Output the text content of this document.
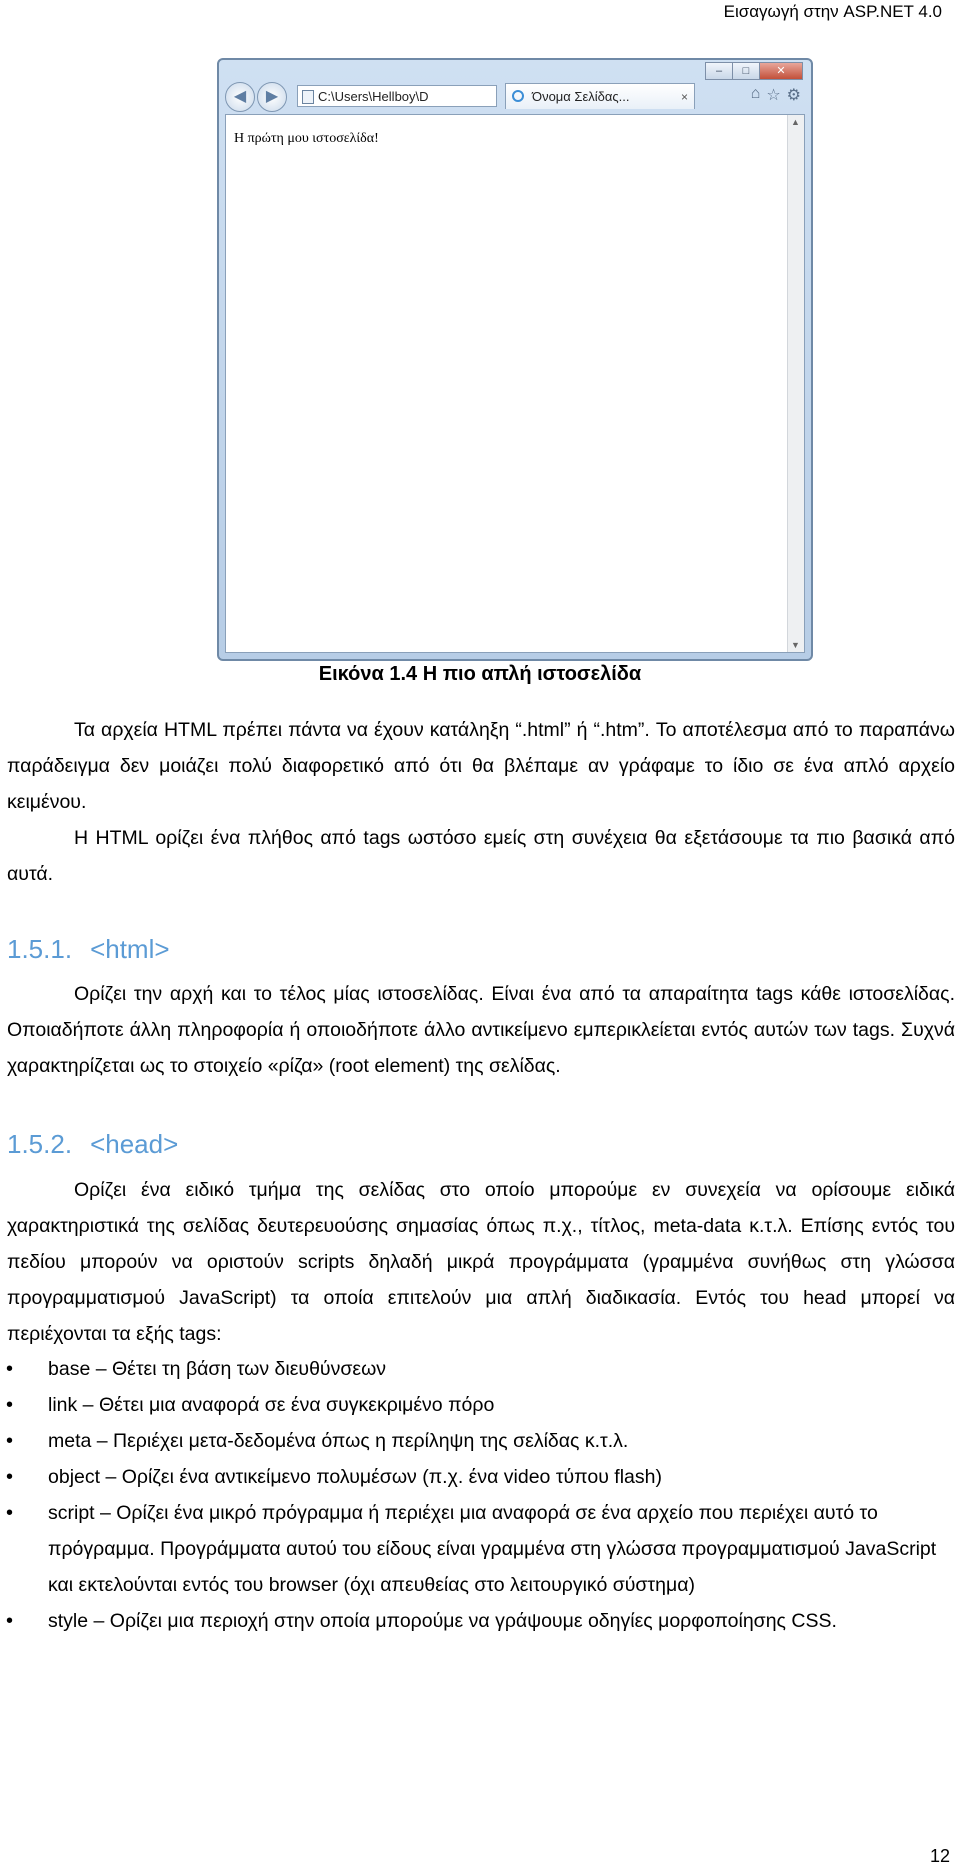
Εισαγωγή στην ASP.NET 4.0
–	□	✕
◀	▶	C:\Users\Hellboy\D	Όνομα Σελίδας...	×	⌂ ☆ ⚙
Η πρώτη μου ιστοσελίδα!
▲
▼
Εικόνα 1.4 Η πιο απλή ιστοσελίδα
Τα αρχεία HTML πρέπει πάντα να έχουν κατάληξη “.html” ή “.htm”. Το αποτέλεσμα από το παραπάνω παράδειγμα δεν μοιάζει πολύ διαφορετικό από ότι θα βλέπαμε αν γράφαμε το ίδιο σε ένα απλό αρχείο κειμένου.
Η HTML ορίζει ένα πλήθος από tags ωστόσο εμείς στη συνέχεια θα εξετάσουμε τα πιο βασικά από αυτά.
1.5.1. <html>
Ορίζει την αρχή και το τέλος μίας ιστοσελίδας. Είναι ένα από τα απαραίτητα tags κάθε ιστοσελίδας. Οποιαδήποτε άλλη πληροφορία ή οποιοδήποτε άλλο αντικείμενο εμπερικλείεται εντός αυτών των tags. Συχνά χαρακτηρίζεται ως το στοιχείο «ρίζα» (root element) της σελίδας.
1.5.2. <head>
Ορίζει ένα ειδικό τμήμα της σελίδας στο οποίο μπορούμε εν συνεχεία να ορίσουμε ειδικά χαρακτηριστικά της σελίδας δευτερευούσης σημασίας όπως π.χ., τίτλος, meta-data κ.τ.λ. Επίσης εντός του πεδίου μπορούν να οριστούν scripts δηλαδή μικρά προγράμματα (γραμμένα συνήθως στη γλώσσα προγραμματισμού JavaScript) τα οποία επιτελούν μια απλή διαδικασία. Εντός του head μπορεί να περιέχονται τα εξής tags:
• base – Θέτει τη βάση των διευθύνσεων
• link – Θέτει μια αναφορά σε ένα συγκεκριμένο πόρο
• meta – Περιέχει μετα-δεδομένα όπως η περίληψη της σελίδας κ.τ.λ.
• object – Ορίζει ένα αντικείμενο πολυμέσων (π.χ. ένα video τύπου flash)
• script – Ορίζει ένα μικρό πρόγραμμα ή περιέχει μια αναφορά σε ένα αρχείο που περιέχει αυτό το πρόγραμμα. Προγράμματα αυτού του είδους είναι γραμμένα στη γλώσσα προγραμματισμού JavaScript και εκτελούνται εντός του browser (όχι απευθείας στο λειτουργικό σύστημα)
• style – Ορίζει μια περιοχή στην οποία μπορούμε να γράψουμε οδηγίες μορφοποίησης CSS.
12
